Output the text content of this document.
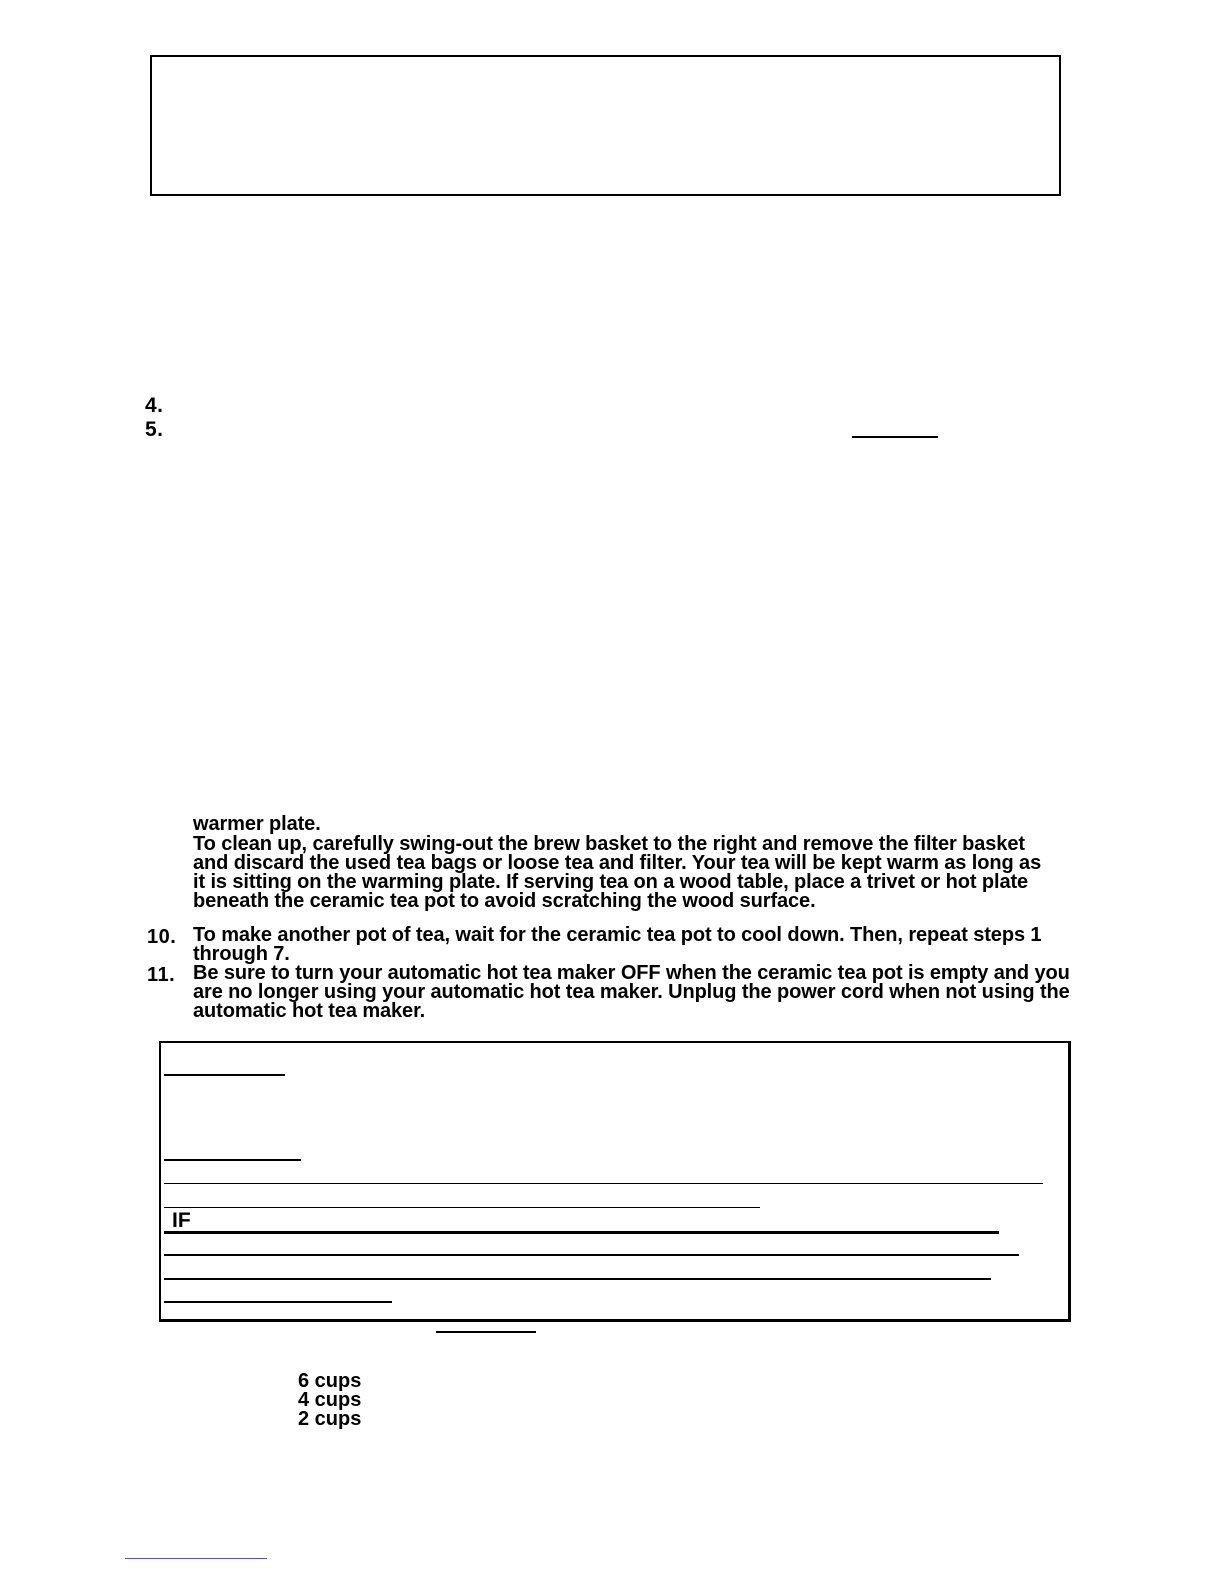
4.
5.

warmer plate.

To clean up, carefully swing-out the brew basket to the right and remove the filter basket and discard the used tea bags or loose tea and filter. Your tea will be kept warm as long as it is sitting on the warming plate. If serving tea on a wood table, place a trivet or hot plate beneath the ceramic tea pot to avoid scratching the wood surface.

10. To make another pot of tea, wait for the ceramic tea pot to cool down. Then, repeat steps 1 through 7.

11. Be sure to turn your automatic hot tea maker OFF when the ceramic tea pot is empty and you are no longer using your automatic hot tea maker. Unplug the power cord when not using the automatic hot tea maker.

IF
6 cups
4 cups
2 cups
